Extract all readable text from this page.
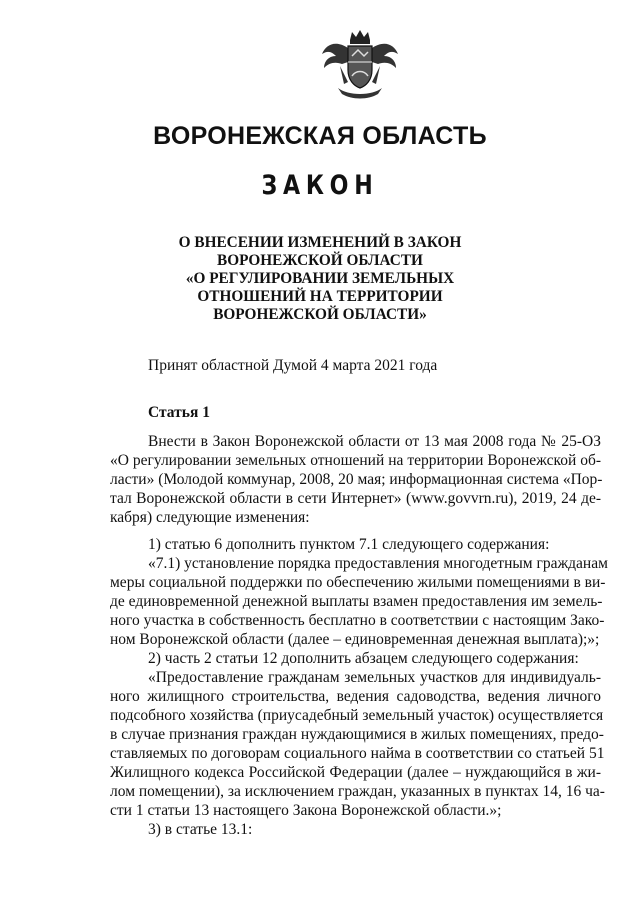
ВОРОНЕЖСКАЯ ОБЛАСТЬ
ЗАКОН
О ВНЕСЕНИИ ИЗМЕНЕНИЙ В ЗАКОН
ВОРОНЕЖСКОЙ ОБЛАСТИ
«О РЕГУЛИРОВАНИИ ЗЕМЕЛЬНЫХ
ОТНОШЕНИЙ НА ТЕРРИТОРИИ
ВОРОНЕЖСКОЙ ОБЛАСТИ»
Принят областной Думой 4 марта 2021 года
Статья 1
Внести в Закон Воронежской области от 13 мая 2008 года № 25-ОЗ
«О регулировании земельных отношений на территории Воронежской об-
ласти» (Молодой коммунар, 2008, 20 мая; информационная система «Пор-
тал Воронежской области в сети Интернет» (www.govvrn.ru), 2019, 24 де-
кабря) следующие изменения:
1) статью 6 дополнить пунктом 7.1 следующего содержания:
«7.1) установление порядка предоставления многодетным гражданам
меры социальной поддержки по обеспечению жилыми помещениями в ви-
де единовременной денежной выплаты взамен предоставления им земель-
ного участка в собственность бесплатно в соответствии с настоящим Зако-
ном Воронежской области (далее – единовременная денежная выплата);»;
2) часть 2 статьи 12 дополнить абзацем следующего содержания:
«Предоставление гражданам земельных участков для индивидуаль-
ного жилищного строительства, ведения садоводства, ведения личного
подсобного хозяйства (приусадебный земельный участок) осуществляется
в случае признания граждан нуждающимися в жилых помещениях, предо-
ставляемых по договорам социального найма в соответствии со статьей 51
Жилищного кодекса Российской Федерации (далее – нуждающийся в жи-
лом помещении), за исключением граждан, указанных в пунктах 14, 16 ча-
сти 1 статьи 13 настоящего Закона Воронежской области.»;
3) в статье 13.1:
